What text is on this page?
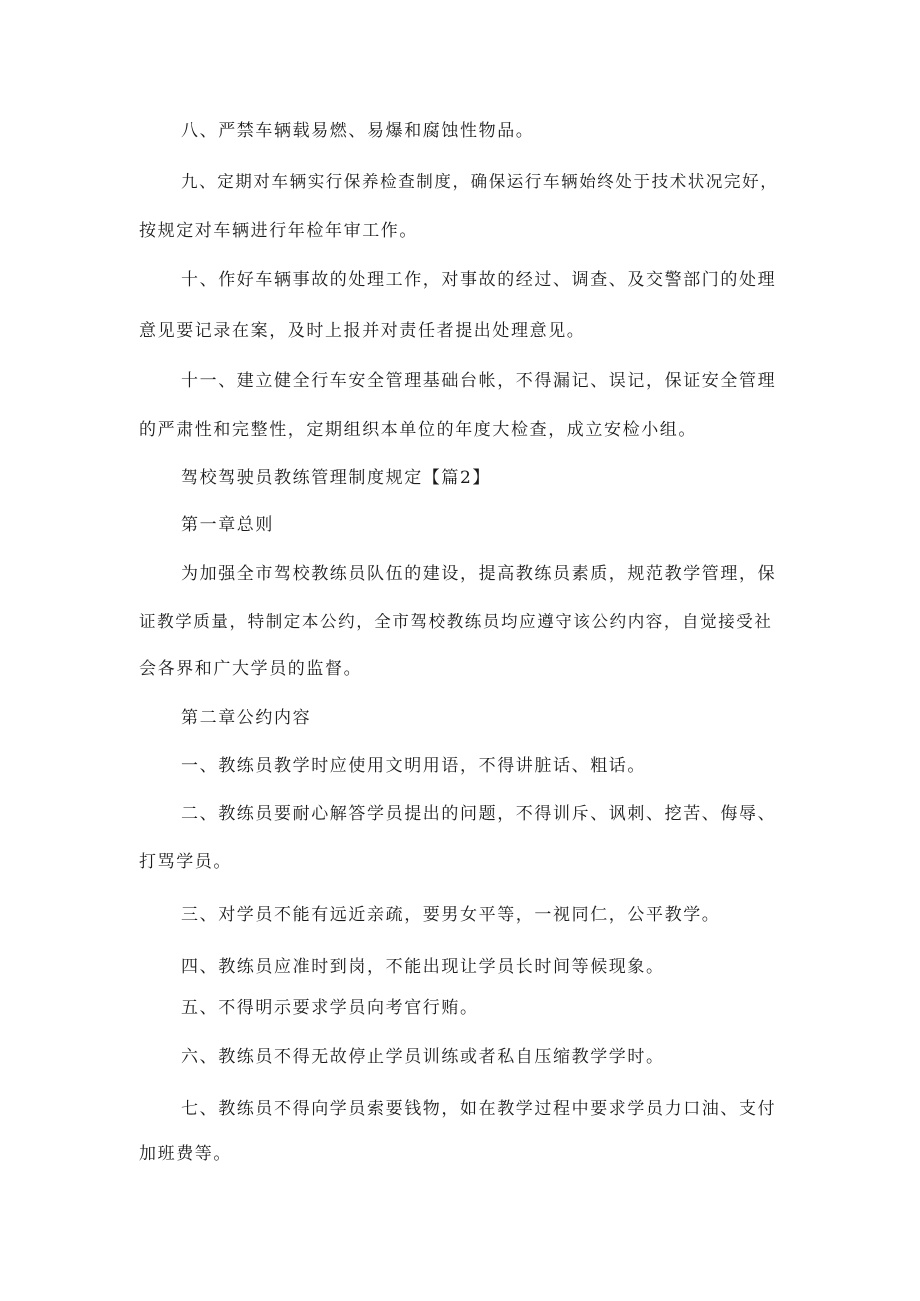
八、严禁车辆载易燃、易爆和腐蚀性物品。
九、定期对车辆实行保养检查制度，确保运行车辆始终处于技术状况完好，
按规定对车辆进行年检年审工作。
十、作好车辆事故的处理工作，对事故的经过、调查、及交警部门的处理
意见要记录在案，及时上报并对责任者提出处理意见。
十一、建立健全行车安全管理基础台帐，不得漏记、误记，保证安全管理
的严肃性和完整性，定期组织本单位的年度大检查，成立安检小组。
驾校驾驶员教练管理制度规定【篇2】
第一章总则
为加强全市驾校教练员队伍的建设，提高教练员素质，规范教学管理，保
证教学质量，特制定本公约，全市驾校教练员均应遵守该公约内容，自觉接受社
会各界和广大学员的监督。
第二章公约内容
一、教练员教学时应使用文明用语，不得讲脏话、粗话。
二、教练员要耐心解答学员提出的问题，不得训斥、讽刺、挖苦、侮辱、
打骂学员。
三、对学员不能有远近亲疏，要男女平等，一视同仁，公平教学。
四、教练员应准时到岗，不能出现让学员长时间等候现象。
五、不得明示要求学员向考官行贿。
六、教练员不得无故停止学员训练或者私自压缩教学学时。
七、教练员不得向学员索要钱物，如在教学过程中要求学员力口油、支付
加班费等。
